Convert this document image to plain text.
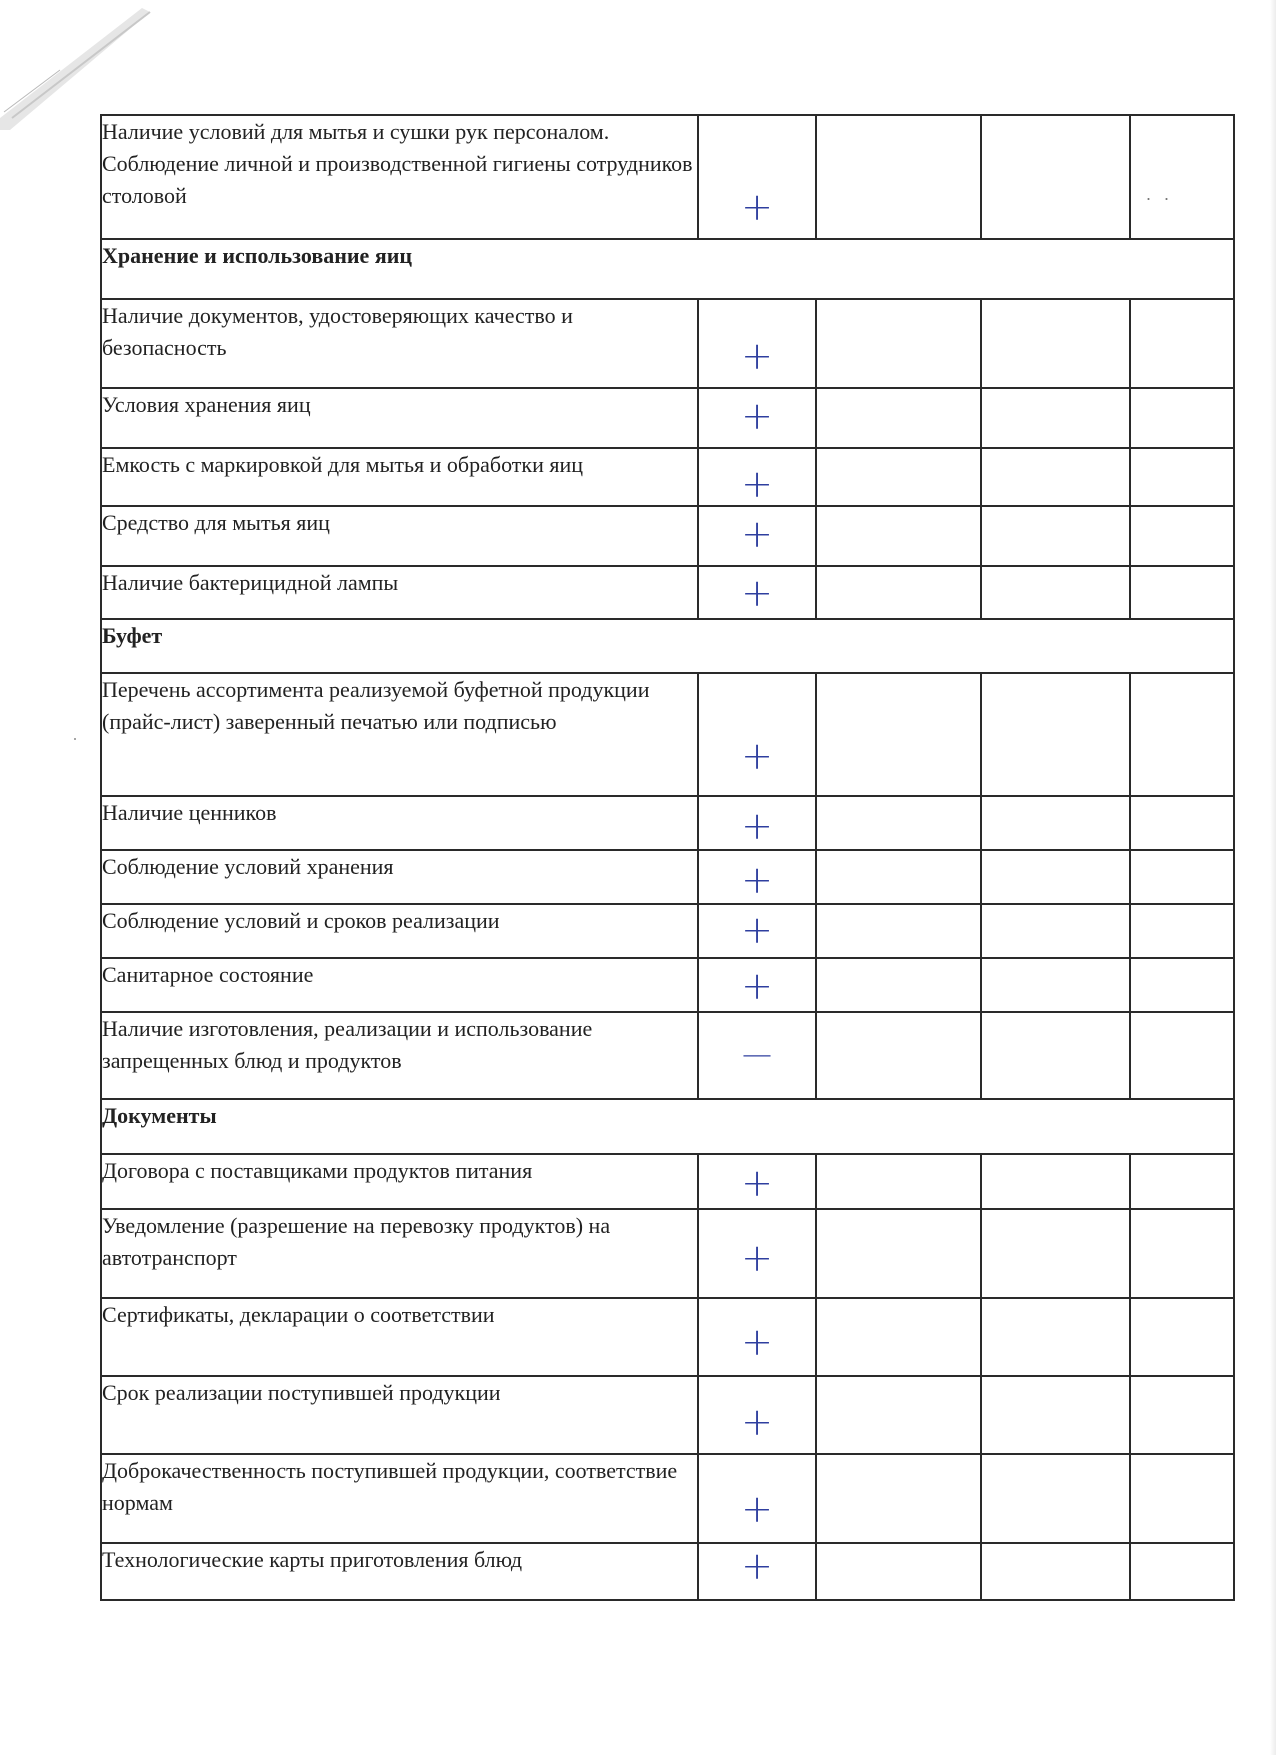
Наличие условий для мытья и сушки рук персоналом. Соблюдение личной и производственной гигиены сотрудников столовой	+			. .

Хранение и использование яиц				
Наличие документов, удостоверяющих качество и безопасность	+			

Условия хранения яиц	+			

Емкость с маркировкой для мытья и обработки яиц	+			

Средство для мытья яиц	+			

Наличие бактерицидной лампы	+			

Буфет				
Перечень ассортимента реализуемой буфетной продукции (прайс-лист) заверенный печатью или подписью	+			

Наличие ценников	+			

Соблюдение условий хранения	+			

Соблюдение условий и сроков реализации	+			

Санитарное состояние	+			

Наличие изготовления, реализации и использование запрещенных блюд и продуктов	—			

Документы				
Договора с поставщиками продуктов питания	+			

Уведомление (разрешение на перевозку продуктов) на автотранспорт	+			

Сертификаты, декларации о соответствии	+			

Срок реализации поступившей продукции	+			

Доброкачественность поступившей продукции, соответствие нормам	+			

Технологические карты приготовления блюд	+			
